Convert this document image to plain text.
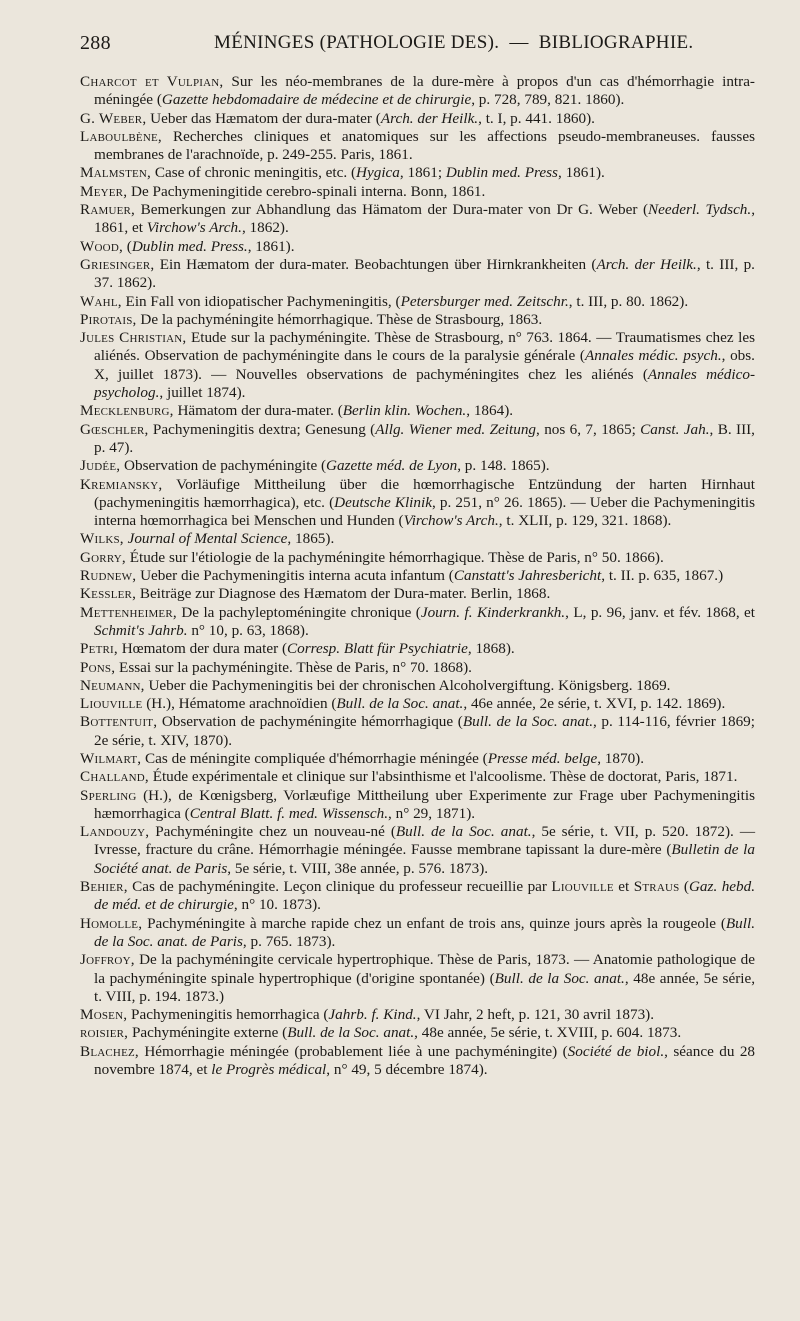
288	MÉNINGES (PATHOLOGIE DES). — BIBLIOGRAPHIE.

Charcot et Vulpian, Sur les néo-membranes de la dure-mère à propos d'un cas d'hémorrhagie intra-méningée (Gazette hebdomadaire de médecine et de chirurgie, p. 728, 789, 821. 1860).

G. Weber, Ueber das Hæmatom der dura-mater (Arch. der Heilk., t. I, p. 441. 1860).

Laboulbène, Recherches cliniques et anatomiques sur les affections pseudo-membraneuses. fausses membranes de l'arachnoïde, p. 249-255. Paris, 1861.

Malmsten, Case of chronic meningitis, etc. (Hygica, 1861; Dublin med. Press, 1861).

Meyer, De Pachymeningitide cerebro-spinali interna. Bonn, 1861.

Ramuer, Bemerkungen zur Abhandlung das Hämatom der Dura-mater von Dr G. Weber (Neederl. Tydsch., 1861, et Virchow's Arch., 1862).

Wood, (Dublin med. Press., 1861).

Griesinger, Ein Hæmatom der dura-mater. Beobachtungen über Hirnkrankheiten (Arch. der Heilk., t. III, p. 37. 1862).

Wahl, Ein Fall von idiopatischer Pachymeningitis, (Petersburger med. Zeitschr., t. III, p. 80. 1862).

Pirotais, De la pachyméningite hémorrhagique. Thèse de Strasbourg, 1863.

Jules Christian, Etude sur la pachyméningite. Thèse de Strasbourg, n° 763. 1864. — Traumatismes chez les aliénés. Observation de pachyméningite dans le cours de la paralysie générale (Annales médic. psych., obs. X, juillet 1873). — Nouvelles observations de pachyméningites chez les aliénés (Annales médico-psycholog., juillet 1874).

Mecklenburg, Hämatom der dura-mater. (Berlin klin. Wochen., 1864).

Gœschler, Pachymeningitis dextra; Genesung (Allg. Wiener med. Zeitung, nos 6, 7, 1865; Canst. Jah., B. III, p. 47).

Judée, Observation de pachyméningite (Gazette méd. de Lyon, p. 148. 1865).

Kremiansky, Vorläufige Mittheilung über die hœmorrhagische Entzündung der harten Hirnhaut (pachymeningitis hæmorrhagica), etc. (Deutsche Klinik, p. 251, n° 26. 1865). — Ueber die Pachymeningitis interna hœmorrhagica bei Menschen und Hunden (Virchow's Arch., t. XLII, p. 129, 321. 1868).

Wilks, Journal of Mental Science, 1865).

Gorry, Étude sur l'étiologie de la pachyméningite hémorrhagique. Thèse de Paris, n° 50. 1866).

Rudnew, Ueber die Pachymeningitis interna acuta infantum (Canstatt's Jahresbericht, t. II. p. 635, 1867.)

Kessler, Beiträge zur Diagnose des Hæmatom der Dura-mater. Berlin, 1868.

Mettenheimer, De la pachyleptoméningite chronique (Journ. f. Kinderkrankh., L, p. 96, janv. et fév. 1868, et Schmit's Jahrb. n° 10, p. 63, 1868).

Petri, Hœmatom der dura mater (Corresp. Blatt für Psychiatrie, 1868).

Pons, Essai sur la pachyméningite. Thèse de Paris, n° 70. 1868).

Neumann, Ueber die Pachymeningitis bei der chronischen Alcoholvergiftung. Königsberg. 1869.

Liouville (H.), Hématome arachnoïdien (Bull. de la Soc. anat., 46e année, 2e série, t. XVI, p. 142. 1869).

Bottentuit, Observation de pachyméningite hémorrhagique (Bull. de la Soc. anat., p. 114-116, février 1869; 2e série, t. XIV, 1870).

Wilmart, Cas de méningite compliquée d'hémorrhagie méningée (Presse méd. belge, 1870).

Challand, Étude expérimentale et clinique sur l'absinthisme et l'alcoolisme. Thèse de doctorat, Paris, 1871.

Sperling (H.), de Kœnigsberg, Vorlæufige Mittheilung uber Experimente zur Frage uber Pachymeningitis hæmorrhagica (Central Blatt. f. med. Wissensch., n° 29, 1871).

Landouzy, Pachyméningite chez un nouveau-né (Bull. de la Soc. anat., 5e série, t. VII, p. 520. 1872). — Ivresse, fracture du crâne. Hémorrhagie méningée. Fausse membrane tapissant la dure-mère (Bulletin de la Société anat. de Paris, 5e série, t. VIII, 38e année, p. 576. 1873).

Behier, Cas de pachyméningite. Leçon clinique du professeur recueillie par Liouville et Straus (Gaz. hebd. de méd. et de chirurgie, n° 10. 1873).

Homolle, Pachyméningite à marche rapide chez un enfant de trois ans, quinze jours après la rougeole (Bull. de la Soc. anat. de Paris, p. 765. 1873).

Joffroy, De la pachyméningite cervicale hypertrophique. Thèse de Paris, 1873. — Anatomie pathologique de la pachyméningite spinale hypertrophique (d'origine spontanée) (Bull. de la Soc. anat., 48e année, 5e série, t. VIII, p. 194. 1873.)

Mosen, Pachymeningitis hemorrhagica (Jahrb. f. Kind., VI Jahr, 2 heft, p. 121, 30 avril 1873).

roisier, Pachyméningite externe (Bull. de la Soc. anat., 48e année, 5e série, t. XVIII, p. 604. 1873.

Blachez, Hémorrhagie méningée (probablement liée à une pachyméningite) (Société de biol., séance du 28 novembre 1874, et le Progrès médical, n° 49, 5 décembre 1874).
